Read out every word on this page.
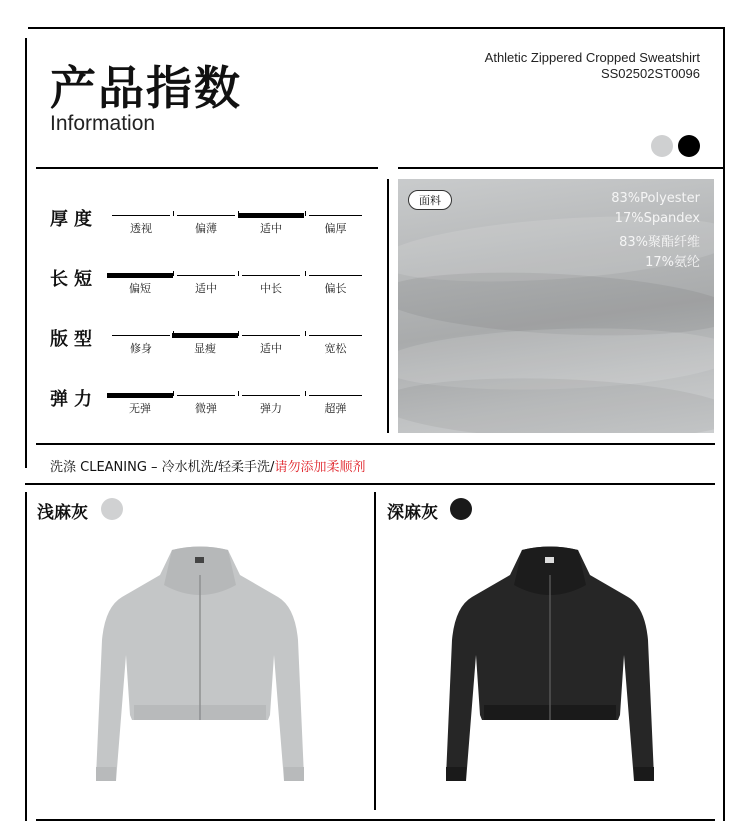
产品指数
Information
Athletic Zippered Cropped Sweatshirt
SS02502ST0096
厚度	透视	偏薄	适中	偏厚
长短	偏短	适中	中长	偏长
版型	修身	显瘦	适中	宽松
弹力	无弹	微弹	弹力	超弹
面料	83%Polyester
17%Spandex
83%聚酯纤维
17%氨纶
洗涤 CLEANING – 冷水机洗/轻柔手洗/请勿添加柔顺剂
浅麻灰	深麻灰
